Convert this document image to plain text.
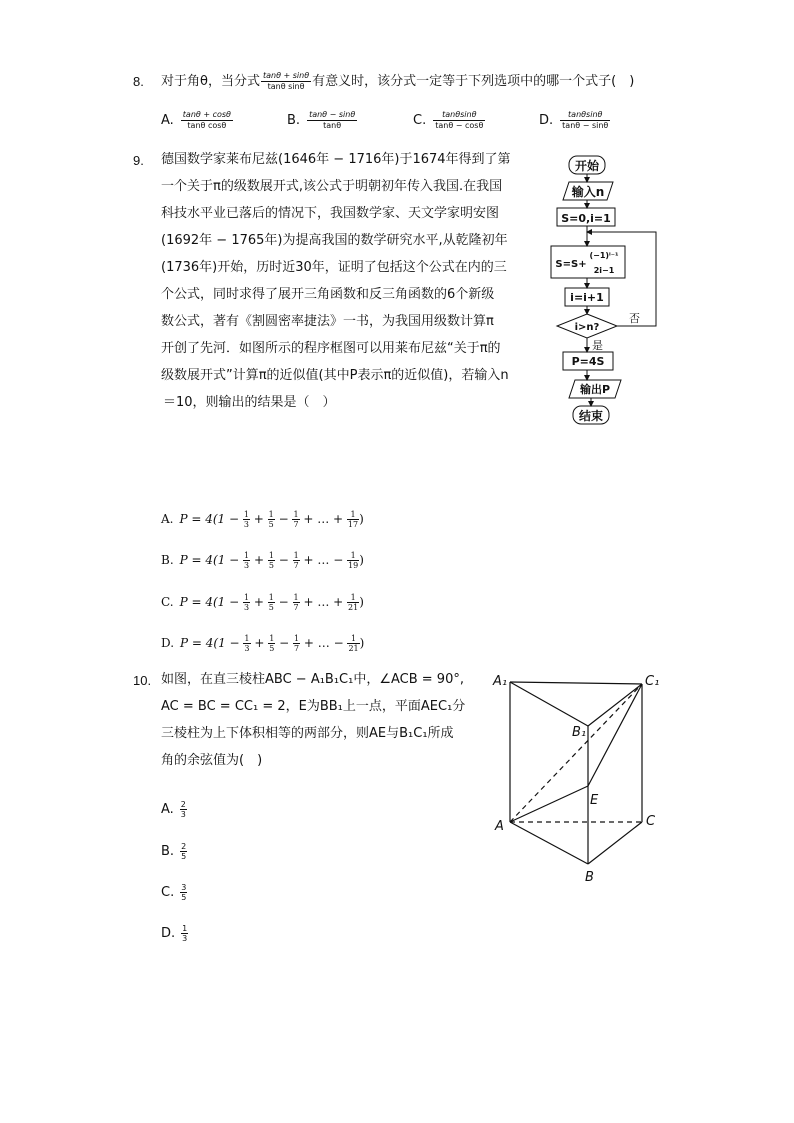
8. 对于角θ，当分式 $\frac{\tan\theta + \sin\theta}{\text{tanθ sinθ}}$ 有意义时，该分式一定等于下列选项中的哪一个式子(　)
A. $\frac{\tan\theta + \cos\theta}{\text{tanθ cosθ}}$	B. $\frac{\tan\theta - \sin\theta}{\tan\theta}$	C. $\frac{\tan\theta\sin\theta}{\tan\theta - \cos\theta}$	D. $\frac{\tan\theta\sin\theta}{\tan\theta - \sin\theta}$
9. 德国数学家莱布尼兹(1646年 − 1716年)于1674年得到了第
一个关于π的级数展开式,该公式于明朝初年传入我国.在我国
科技水平业已落后的情况下，我国数学家、天文学家明安图
(1692年 − 1765年)为提高我国的数学研究水平,从乾隆初年
(1736年)开始，历时近30年，证明了包括这个公式在内的三
个公式，同时求得了展开三角函数和反三角函数的6个新级
数公式，著有《割圆密率捷法》一书，为我国用级数计算π
开创了先河．如图所示的程序框图可以用莱布尼兹“关于π的
级数展开式”计算π的近似值(其中P表示π的近似值)，若输入n
＝10，则输出的结果是（　）
开始
输入n
S=0,i=1
S=S+
(−1)ⁱ⁻¹
2i−1
i=i+1
i>n?
P=4S
输出P
结束
否
是
A. $P = 4(1 - \frac{1}{3} + \frac{1}{5} - \frac{1}{7}$ + … + $\frac{1}{17}$ )
B. $P = 4(1 - \frac{1}{3} + \frac{1}{5} - \frac{1}{7}$ + … − $\frac{1}{19}$ )
C. $P = 4(1 - \frac{1}{3} + \frac{1}{5} - \frac{1}{7}$ + … + $\frac{1}{21}$ )
D. $P = 4(1 - \frac{1}{3} + \frac{1}{5} - \frac{1}{7}$ + … − $\frac{1}{21}$ )
10. 如图，在直三棱柱ABC − A₁B₁C₁中，∠ACB = 90°,
AC = BC = CC₁ = 2，E为BB₁上一点，平面AEC₁分
三棱柱为上下体积相等的两部分，则AE与B₁C₁所成
角的余弦值为(　)
A₁	C₁
B₁
E
A	C
B
A. $\frac{2}{3}$
B. $\frac{2}{5}$
C. $\frac{3}{5}$
D. $\frac{1}{3}$
